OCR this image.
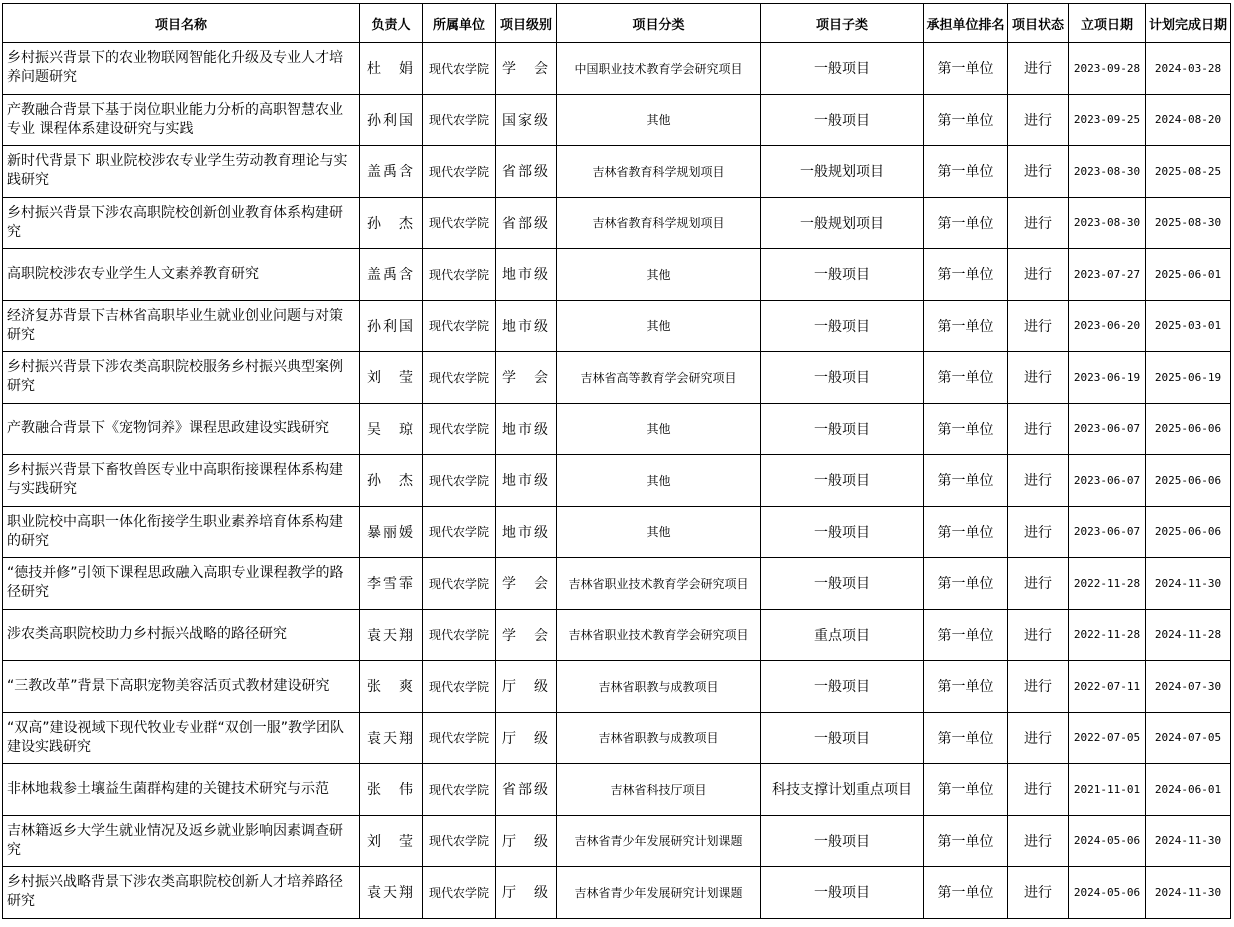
项目名称	负责人	所属单位	项目级别	项目分类	项目子类	承担单位排名	项目状态	立项日期	计划完成日期
乡村振兴背景下的农业物联网智能化升级及专业人才培养问题研究	杜　娟	现代农学院	学　会	中国职业技术教育学会研究项目	一般项目	第一单位	进行	2023-09-28	2024-03-28
产教融合背景下基于岗位职业能力分析的高职智慧农业专业 课程体系建设研究与实践	孙利国	现代农学院	国家级	其他	一般项目	第一单位	进行	2023-09-25	2024-08-20
新时代背景下 职业院校涉农专业学生劳动教育理论与实践研究	盖禹含	现代农学院	省部级	吉林省教育科学规划项目	一般规划项目	第一单位	进行	2023-08-30	2025-08-25
乡村振兴背景下涉农高职院校创新创业教育体系构建研究	孙　杰	现代农学院	省部级	吉林省教育科学规划项目	一般规划项目	第一单位	进行	2023-08-30	2025-08-30
高职院校涉农专业学生人文素养教育研究	盖禹含	现代农学院	地市级	其他	一般项目	第一单位	进行	2023-07-27	2025-06-01
经济复苏背景下吉林省高职毕业生就业创业问题与对策研究	孙利国	现代农学院	地市级	其他	一般项目	第一单位	进行	2023-06-20	2025-03-01
乡村振兴背景下涉农类高职院校服务乡村振兴典型案例研究	刘　莹	现代农学院	学　会	吉林省高等教育学会研究项目	一般项目	第一单位	进行	2023-06-19	2025-06-19
产教融合背景下《宠物饲养》课程思政建设实践研究	吴　琼	现代农学院	地市级	其他	一般项目	第一单位	进行	2023-06-07	2025-06-06
乡村振兴背景下畜牧兽医专业中高职衔接课程体系构建与实践研究	孙　杰	现代农学院	地市级	其他	一般项目	第一单位	进行	2023-06-07	2025-06-06
职业院校中高职一体化衔接学生职业素养培育体系构建的研究	暴丽媛	现代农学院	地市级	其他	一般项目	第一单位	进行	2023-06-07	2025-06-06
“德技并修”引领下课程思政融入高职专业课程教学的路径研究	李雪霏	现代农学院	学　会	吉林省职业技术教育学会研究项目	一般项目	第一单位	进行	2022-11-28	2024-11-30
涉农类高职院校助力乡村振兴战略的路径研究	袁天翔	现代农学院	学　会	吉林省职业技术教育学会研究项目	重点项目	第一单位	进行	2022-11-28	2024-11-28
“三教改革”背景下高职宠物美容活页式教材建设研究	张　爽	现代农学院	厅　级	吉林省职教与成教项目	一般项目	第一单位	进行	2022-07-11	2024-07-30
“双高”建设视域下现代牧业专业群“双创一服”教学团队建设实践研究	袁天翔	现代农学院	厅　级	吉林省职教与成教项目	一般项目	第一单位	进行	2022-07-05	2024-07-05
非林地栽参土壤益生菌群构建的关键技术研究与示范	张　伟	现代农学院	省部级	吉林省科技厅项目	科技支撑计划重点项目	第一单位	进行	2021-11-01	2024-06-01
吉林籍返乡大学生就业情况及返乡就业影响因素调查研究	刘　莹	现代农学院	厅　级	吉林省青少年发展研究计划课题	一般项目	第一单位	进行	2024-05-06	2024-11-30
乡村振兴战略背景下涉农类高职院校创新人才培养路径研究	袁天翔	现代农学院	厅　级	吉林省青少年发展研究计划课题	一般项目	第一单位	进行	2024-05-06	2024-11-30
